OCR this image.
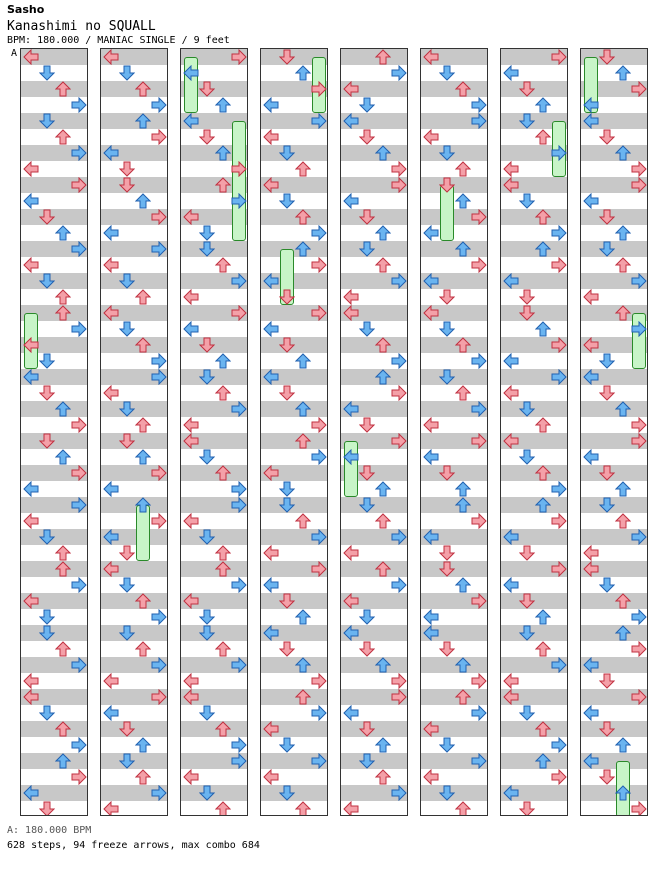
Sasho
Kanashimi no SQUALL
BPM: 180.000 / MANIAC SINGLE / 9 feet
A
A: 180.000 BPM
628 steps, 94 freeze arrows, max combo 684
